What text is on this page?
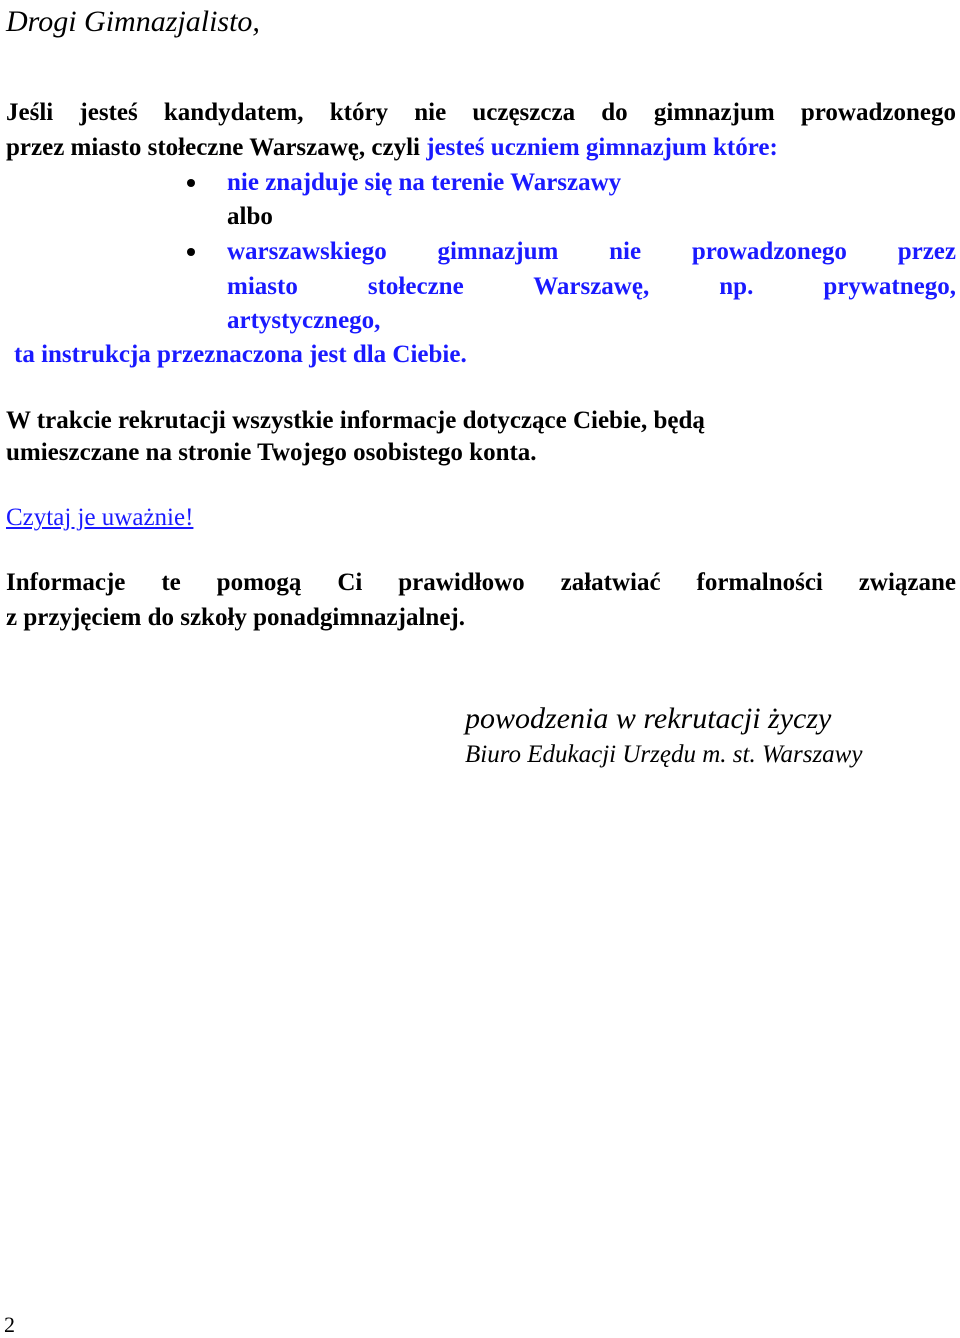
Drogi Gimnazjalisto,
Jeśli jesteś kandydatem, który nie uczęszcza do gimnazjum prowadzonego
przez miasto stołeczne Warszawę, czyli jesteś uczniem gimnazjum które:
nie znajduje się na terenie Warszawy
albo
warszawskiego gimnazjum nie prowadzonego przez
miasto stołeczne Warszawę, np. prywatnego,
artystycznego,
ta instrukcja przeznaczona jest dla Ciebie.
W trakcie rekrutacji wszystkie informacje dotyczące Ciebie, będą
umieszczane na stronie Twojego osobistego konta.
Czytaj je uważnie!
Informacje te pomogą Ci prawidłowo załatwiać formalności związane
z przyjęciem do szkoły ponadgimnazjalnej.
powodzenia w rekrutacji życzy
Biuro Edukacji Urzędu m. st. Warszawy
2
